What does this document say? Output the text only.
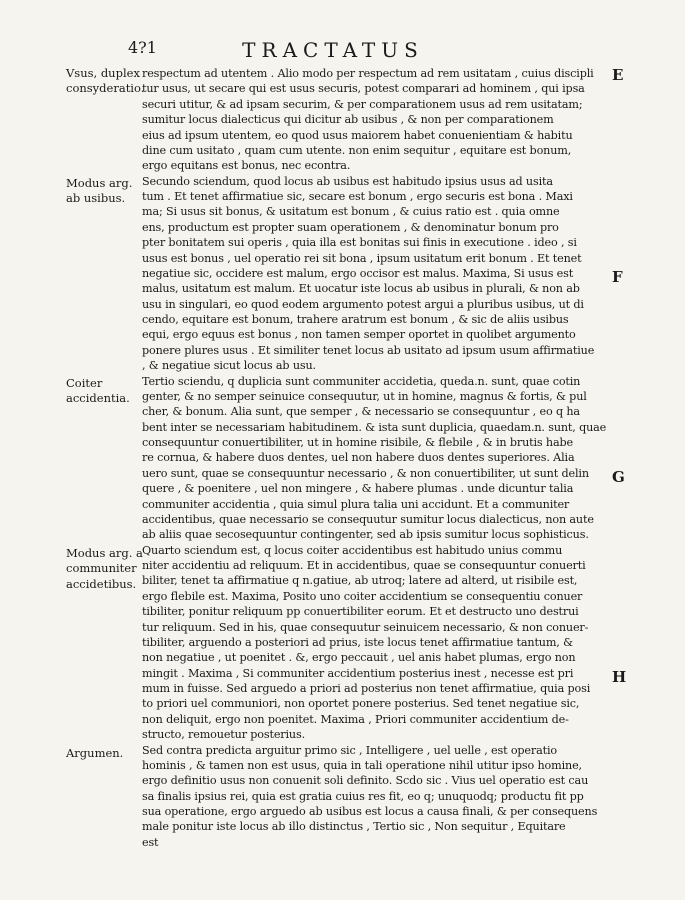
4?1	TRACTATUS
Vsus, duplex consyderatio.
Modus arg. ab usibus.
Coiter accidentia.
Modus arg. a communiter accidetibus.
Argumen.
E
F
G
H
respectum ad utentem . Alio modo per respectum ad rem usitatam , cuius discipli
tur usus, ut secare qui est usus securis, potest comparari ad hominem , qui ipsa
securi utitur, & ad ipsam securim, & per comparationem usus ad rem usitatam;
sumitur locus dialecticus qui dicitur ab usibus , & non per comparationem
eius ad ipsum utentem, eo quod usus maiorem habet conuenientiam & habitu
dine cum usitato , quam cum utente. non enim sequitur , equitare est bonum,
ergo equitans est bonus, nec econtra.
Secundo sciendum, quod locus ab usibus est habitudo ipsius usus ad usita
tum . Et tenet affirmatiue sic, secare est bonum , ergo securis est bona . Maxi
ma; Si usus sit bonus, & usitatum est bonum , & cuius ratio est . quia omne
ens, productum est propter suam operationem , & denominatur bonum pro
pter bonitatem sui operis , quia illa est bonitas sui finis in executione . ideo , si
usus est bonus , uel operatio rei sit bona , ipsum usitatum erit bonum . Et tenet
negatiue sic, occidere est malum, ergo occisor est malus. Maxima, Si usus est
malus, usitatum est malum. Et uocatur iste locus ab usibus in plurali, & non ab
usu in singulari, eo quod eodem argumento potest argui a pluribus usibus, ut di
cendo, equitare est bonum, trahere aratrum est bonum , & sic de aliis usibus
equi, ergo equus est bonus , non tamen semper oportet in quolibet argumento
ponere plures usus . Et similiter tenet locus ab usitato ad ipsum usum affirmatiue
, & negatiue sicut locus ab usu.
Tertio sciendu, q duplicia sunt communiter accidetia, queda.n. sunt, quae cotin
genter, & no semper seinuice consequutur, ut in homine, magnus & fortis, & pul
cher, & bonum. Alia sunt, que semper , & necessario se consequuntur , eo q ha
bent inter se necessariam habitudinem. & ista sunt duplicia, quaedam.n. sunt, quae
consequuntur conuertibiliter, ut in homine risibile, & flebile , & in brutis habe
re cornua, & habere duos dentes, uel non habere duos dentes superiores. Alia
uero sunt, quae se consequuntur necessario , & non conuertibiliter, ut sunt delin
quere , & poenitere , uel non mingere , & habere plumas . unde dicuntur talia
communiter accidentia , quia simul plura talia uni accidunt. Et a communiter
accidentibus, quae necessario se consequutur sumitur locus dialecticus, non aute
ab aliis quae secosequuntur contingenter, sed ab ipsis sumitur locus sophisticus.
Quarto sciendum est, q locus coiter accidentibus est habitudo unius commu
niter accidentiu ad reliquum. Et in accidentibus, quae se consequuntur conuerti
biliter, tenet ta affirmatiue q n.gatiue, ab utroq; latere ad alterd, ut risibile est,
ergo flebile est. Maxima, Posito uno coiter accidentium se consequentiu conuer
tibiliter, ponitur reliquum pp conuertibiliter eorum. Et et destructo uno destrui
tur reliquum. Sed in his, quae consequutur seinuicem necessario, & non conuer-
tibiliter, arguendo a posteriori ad prius, iste locus tenet affirmatiue tantum, &
non negatiue , ut poenitet . &, ergo peccauit , uel anis habet plumas, ergo non
mingit . Maxima , Si communiter accidentium posterius inest , necesse est pri
mum in fuisse. Sed arguedo a priori ad posterius non tenet affirmatiue, quia posi
to priori uel communiori, non oportet ponere posterius. Sed tenet negatiue sic,
non deliquit, ergo non poenitet. Maxima , Priori communiter accidentium de-
structo, remouetur posterius.
Sed contra predicta arguitur primo sic , Intelligere , uel uelle , est operatio
hominis , & tamen non est usus, quia in tali operatione nihil utitur ipso homine,
ergo definitio usus non conuenit soli definito. Scdo sic . Vius uel operatio est cau
sa finalis ipsius rei, quia est gratia cuius res fit, eo q; unuquodq; productu fit pp
sua operatione, ergo arguedo ab usibus est locus a causa finali, & per consequens
male ponitur iste locus ab illo distinctus , Tertio sic , Non sequitur , Equitare
est
